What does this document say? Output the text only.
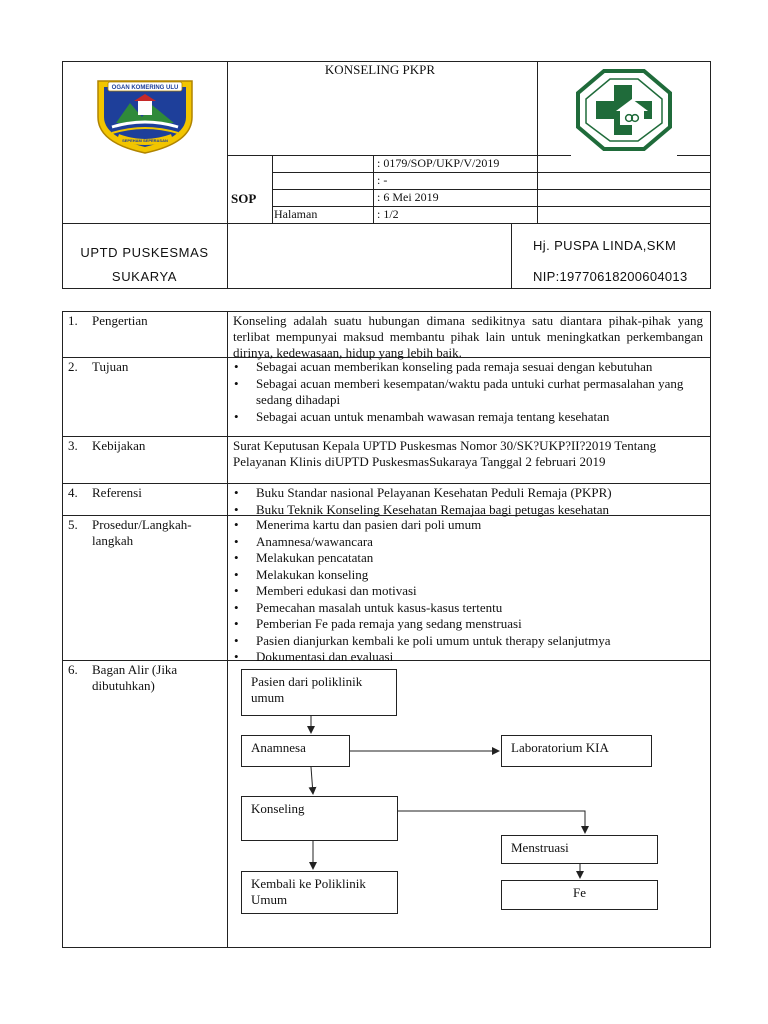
OGAN KOMERING ULU
SEPEHAM SEPERASAN
KONSELING PKPR
SOP
: 0179/SOP/UKP/V/2019
: -
: 6 Mei 2019
Halaman	: 1/2
UPTD PUSKESMAS
SUKARYA
Hj. PUSPA LINDA,SKM
NIP:19770618200604013
1. Pengertian	Konseling adalah suatu hubungan dimana sedikitnya satu diantara pihak-pihak yang terlibat mempunyai maksud membantu pihak lain untuk meningkatkan perkembangan dirinya, kedewasaan, hidup yang lebih baik.
2. Tujuan	• Sebagai acuan memberikan konseling pada remaja sesuai dengan kebutuhan
• Sebagai acuan memberi kesempatan/waktu pada untuki curhat permasalahan yang sedang dihadapi
• Sebagai acuan untuk menambah wawasan remaja tentang kesehatan
3. Kebijakan	Surat Keputusan Kepala UPTD Puskesmas Nomor 30/SK?UKP?II?2019 Tentang Pelayanan Klinis diUPTD PuskesmasSukaraya Tanggal 2 februari 2019
4. Referensi	• Buku Standar nasional Pelayanan Kesehatan Peduli Remaja (PKPR)
• Buku Teknik Konseling Kesehatan Remajaa bagi petugas kesehatan
5. Prosedur/Langkah-
langkah
• Menerima kartu dan pasien dari poli umum
• Anamnesa/wawancara
• Melakukan pencatatan
• Melakukan konseling
• Memberi edukasi dan motivasi
• Pemecahan masalah untuk kasus-kasus tertentu
• Pemberian Fe pada remaja yang sedang menstruasi
• Pasien dianjurkan kembali ke poli umum untuk therapy selanjutmya
• Dokumentasi dan evaluasi
6. Bagan Alir (Jika
dibutuhkan)	Pasien dari poliklinik umum
Anamnesa	Laboratorium KIA
Konseling
Menstruasi
Kembali ke Poliklinik Umum	Fe
